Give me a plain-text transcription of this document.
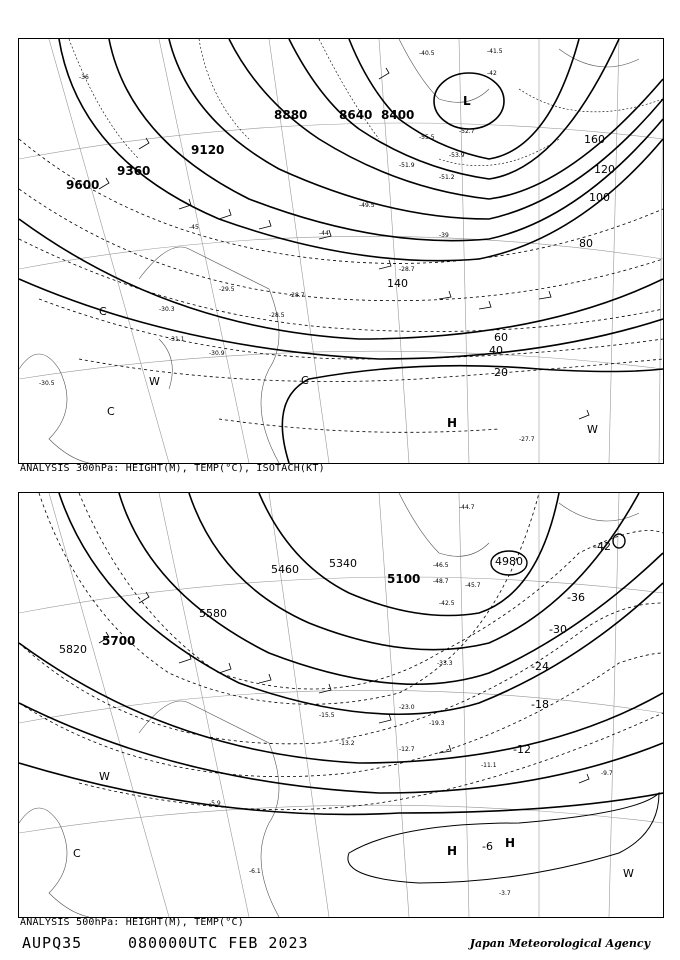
9600
9360
9120
8880	8640 8400
20
40
60
80
100
120
140
160
L
H
-40.5	-41.5
-42
-52.7
-55.5
-53.9
-51.9
-51.2
-49.5
-45
-44	-39
-28.7
-28.7
-29.5
-28.5
-30.3
-31.1
-30.9
-30.5
-27.7
-36
C
W
C
C
W
ANALYSIS 300hPa: HEIGHT(M), TEMP(°C), ISOTACH(KT)
5820
5700
5580
5460	5340
5100
4980
-42
-36
-30
-24
-18
-12
-6
H
H
-44.7
-46.5
-48.7
-45.7
-42.5
-33.3
-23.0
-19.3
-15.5
-13.2
-12.7
-11.1
-9.7
-6.1
-5.9
-3.7
W
C
W
ANALYSIS 500hPa: HEIGHT(M), TEMP(°C)
AUPQ35	080000UTC FEB 2023	Japan Meteorological Agency
